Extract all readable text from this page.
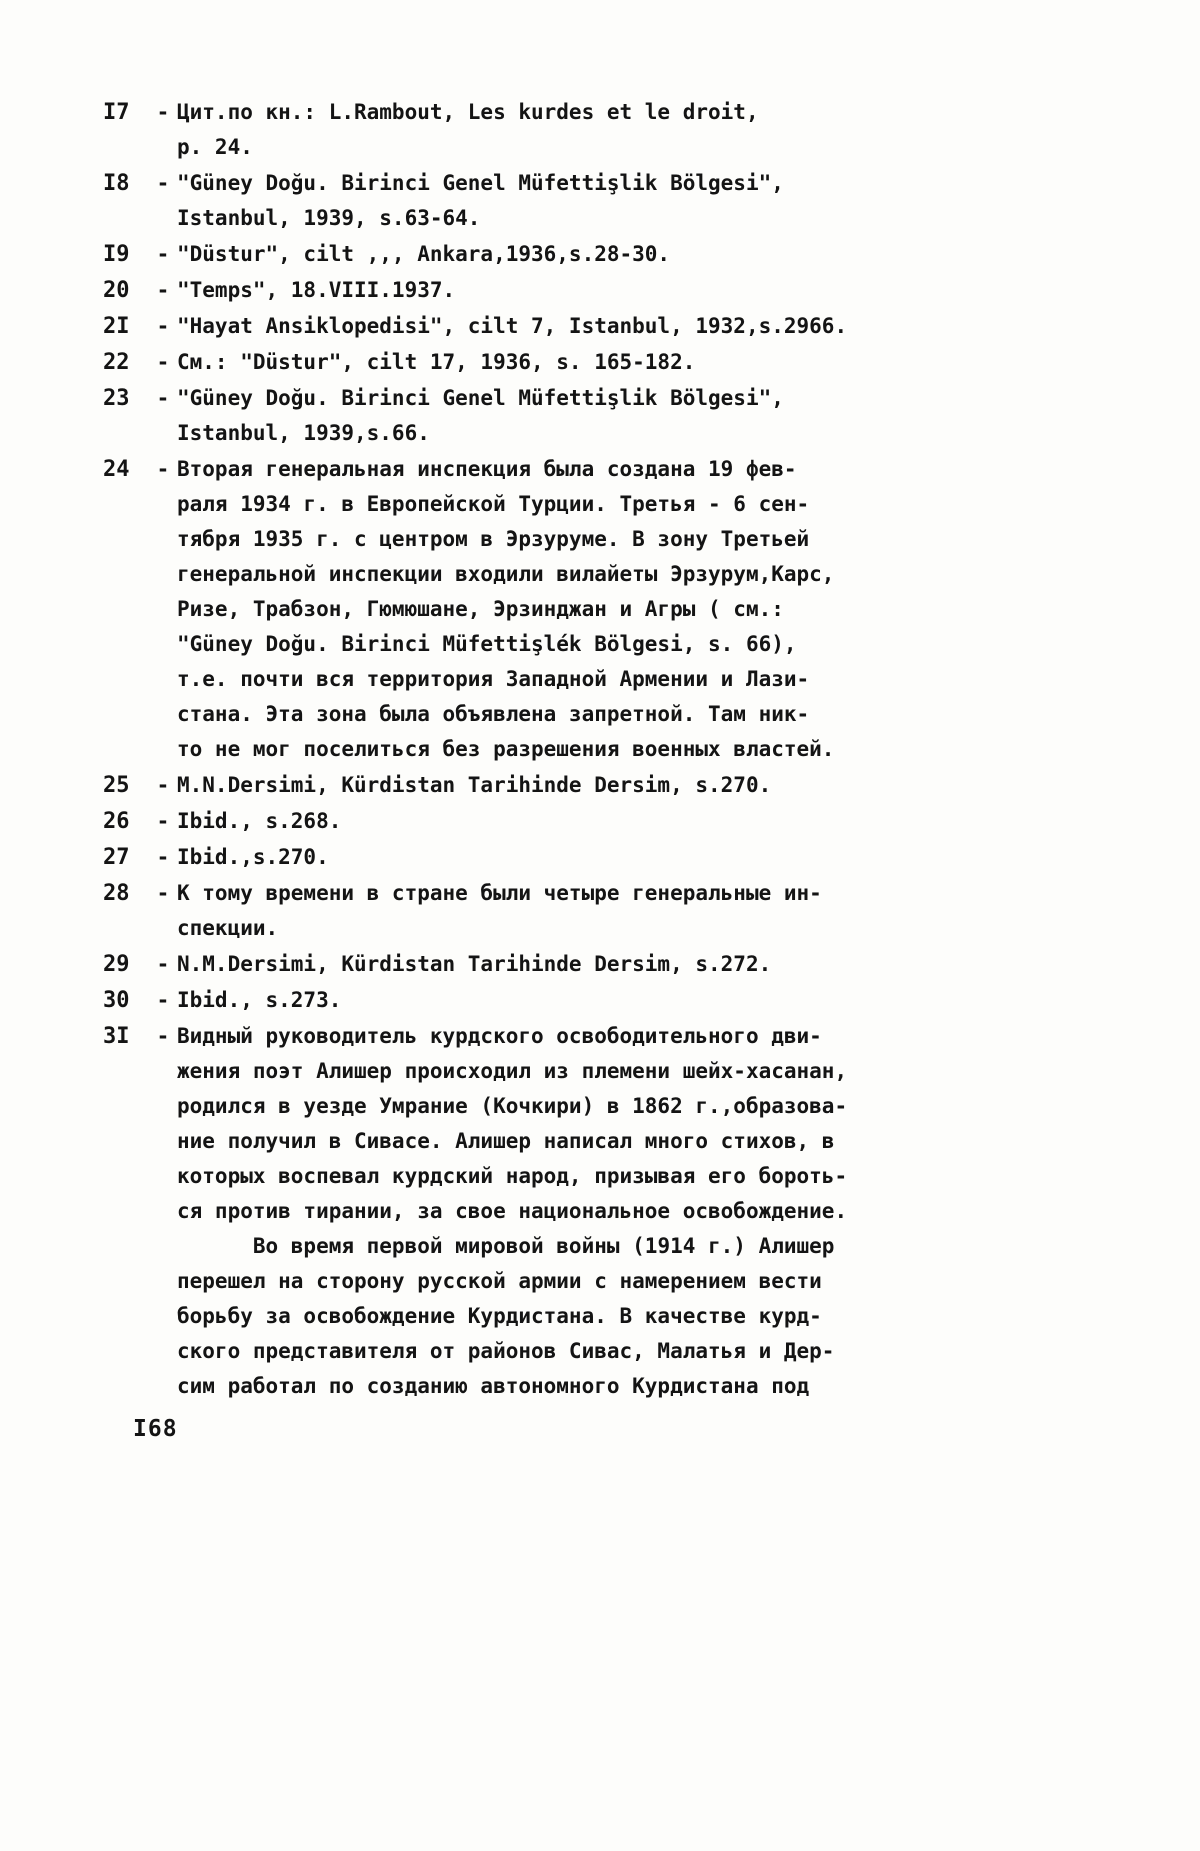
I7	- Цит.по кн.: L.Rambout, Les kurdes et le droit,
p. 24.
I8	- "Güney Doğu. Birinci Genel Müfettişlik Bölgesi",
Istanbul, 1939, s.63-64.
I9	- "Düstur", cilt ,,, Ankara,1936,s.28-30.
20	- "Temps", 18.VIII.1937.
2I	- "Hayat Ansiklopedisi", cilt 7, Istanbul, 1932,s.2966.
22	- См.: "Düstur", cilt 17, 1936, s. 165-182.
23	- "Güney Doğu. Birinci Genel Müfettişlik Bölgesi",
Istanbul, 1939,s.66.
24	- Вторая генеральная инспекция была создана 19 фев-
раля 1934 г. в Европейской Турции. Третья - 6 сен-
тября 1935 г. с центром в Эрзуруме. В зону Третьей
генеральной инспекции входили вилайеты Эрзурум,Карс,
Ризе, Трабзон, Гюмюшане, Эрзинджан и Агры ( см.:
"Güney Doğu. Birinci Müfettişlék Bölgesi, s. 66),
т.е. почти вся территория Западной Армении и Лази-
стана. Эта зона была объявлена запретной. Там ник-
то не мог поселиться без разрешения военных властей.
25	- M.N.Dersimi, Kürdistan Tarihinde Dersim, s.270.
26	- Ibid., s.268.
27	- Ibid.,s.270.
28	- К тому времени в стране были четыре генеральные ин-
спекции.
29	- N.M.Dersimi, Kürdistan Tarihinde Dersim, s.272.
30	- Ibid., s.273.
3I	- Видный руководитель курдского освободительного дви-
жения поэт Алишер происходил из племени шейх-хасанан,
родился в уезде Умрание (Кочкири) в 1862 г.,образова-
ние получил в Сивасе. Алишер написал много стихов, в
которых воспевал курдский народ, призывая его бороть-
ся против тирании, за свое национальное освобождение.
Во время первой мировой войны (1914 г.) Алишер
перешел на сторону русской армии с намерением вести
борьбу за освобождение Курдистана. В качестве курд-
ского представителя от районов Сивас, Малатья и Дер-
сим работал по созданию автономного Курдистана под
I68
